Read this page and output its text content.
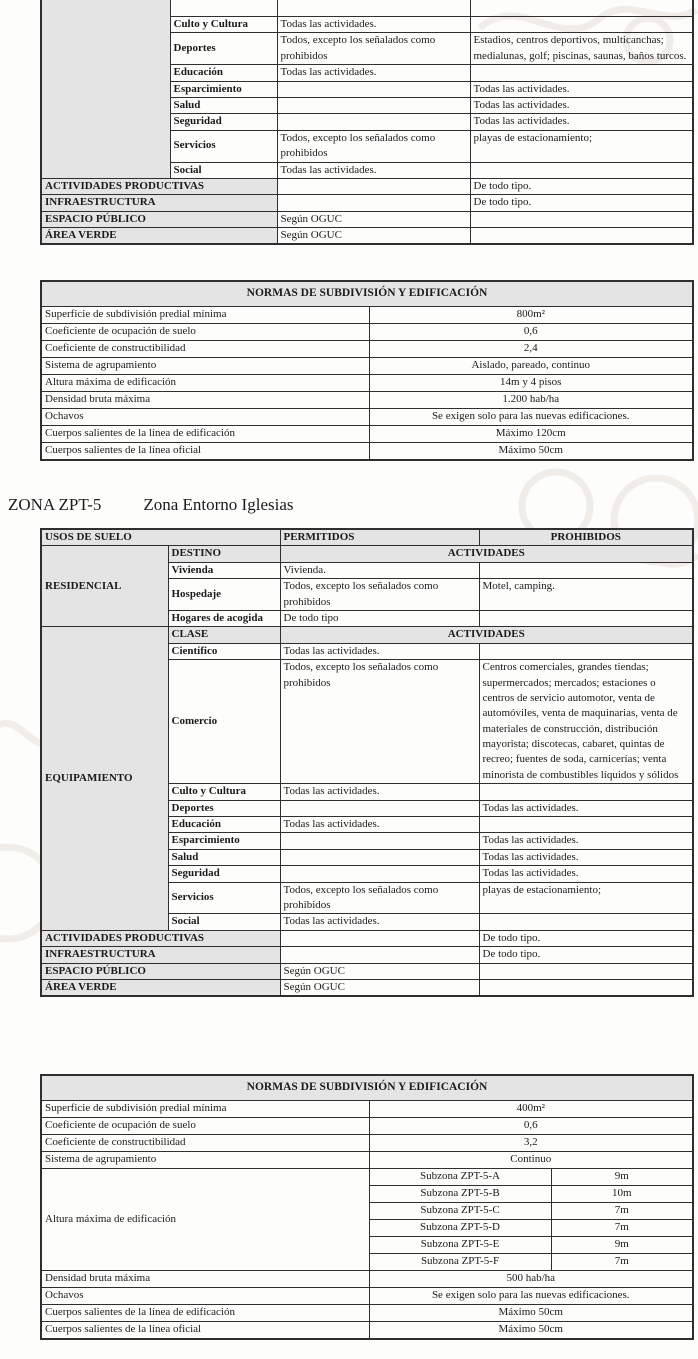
	Culto y Cultura	Todas las actividades.	
	Deportes	Todos, excepto los señalados como prohibidos	Estadios, centros deportivos, multicanchas; medialunas, golf; piscinas, saunas, baños turcos.
	Educación	Todas las actividades.	
	Esparcimiento		Todas las actividades.
	Salud		Todas las actividades.
	Seguridad		Todas las actividades.
	Servicios	Todos, excepto los señalados como prohibidos	playas de estacionamiento;
	Social	Todas las actividades.	
ACTIVIDADES PRODUCTIVAS			De todo tipo.
INFRAESTRUCTURA			De todo tipo.
ESPACIO PÚBLICO		Según OGUC	
ÁREA VERDE		Según OGUC	
NORMAS DE SUBDIVISIÓN Y EDIFICACIÓN	
Superficie de subdivisión predial mínima	800m²
Coeficiente de ocupación de suelo	0,6
Coeficiente de constructibilidad	2,4
Sistema de agrupamiento	Aislado, pareado, continuo
Altura máxima de edificación	14m y 4 pisos
Densidad bruta máxima	1.200 hab/ha
Ochavos	Se exigen solo para las nuevas edificaciones.
Cuerpos salientes de la línea de edificación	Máximo 120cm
Cuerpos salientes de la línea oficial	Máximo 50cm
ZONA ZPT-5 Zona Entorno Iglesias
USOS DE SUELO		PERMITIDOS	PROHIBIDOS
RESIDENCIAL	DESTINO	ACTIVIDADES	
	Vivienda	Vivienda.	
	Hospedaje	Todos, excepto los señalados como prohibidos	Motel, camping.
	Hogares de acogida	De todo tipo	
EQUIPAMIENTO	CLASE	ACTIVIDADES	
	Científico	Todas las actividades.	
	Comercio	Todos, excepto los señalados como prohibidos	Centros comerciales, grandes tiendas; supermercados; mercados; estaciones o centros de servicio automotor, venta de automóviles, venta de maquinarias, venta de materiales de construcción, distribución mayorista; discotecas, cabaret, quintas de recreo; fuentes de soda, carnicerías; venta minorista de combustibles líquidos y sólidos
	Culto y Cultura	Todas las actividades.	
	Deportes		Todas las actividades.
	Educación	Todas las actividades.	
	Esparcimiento		Todas las actividades.
	Salud		Todas las actividades.
	Seguridad		Todas las actividades.
	Servicios	Todos, excepto los señalados como prohibidos	playas de estacionamiento;
	Social	Todas las actividades.	
ACTIVIDADES PRODUCTIVAS			De todo tipo.
INFRAESTRUCTURA			De todo tipo.
ESPACIO PÚBLICO		Según OGUC	
ÁREA VERDE		Según OGUC	
NORMAS DE SUBDIVISIÓN Y EDIFICACIÓN		
Superficie de subdivisión predial mínima	400m²	
Coeficiente de ocupación de suelo	0,6	
Coeficiente de constructibilidad	3,2	
Sistema de agrupamiento	Continuo	
Altura máxima de edificación	Subzona ZPT-5-A	9m
	Subzona ZPT-5-B	10m
	Subzona ZPT-5-C	7m
	Subzona ZPT-5-D	7m
	Subzona ZPT-5-E	9m
	Subzona ZPT-5-F	7m
Densidad bruta máxima	500 hab/ha	
Ochavos	Se exigen solo para las nuevas edificaciones.	
Cuerpos salientes de la línea de edificación	Máximo 50cm	
Cuerpos salientes de la línea oficial	Máximo 50cm	
